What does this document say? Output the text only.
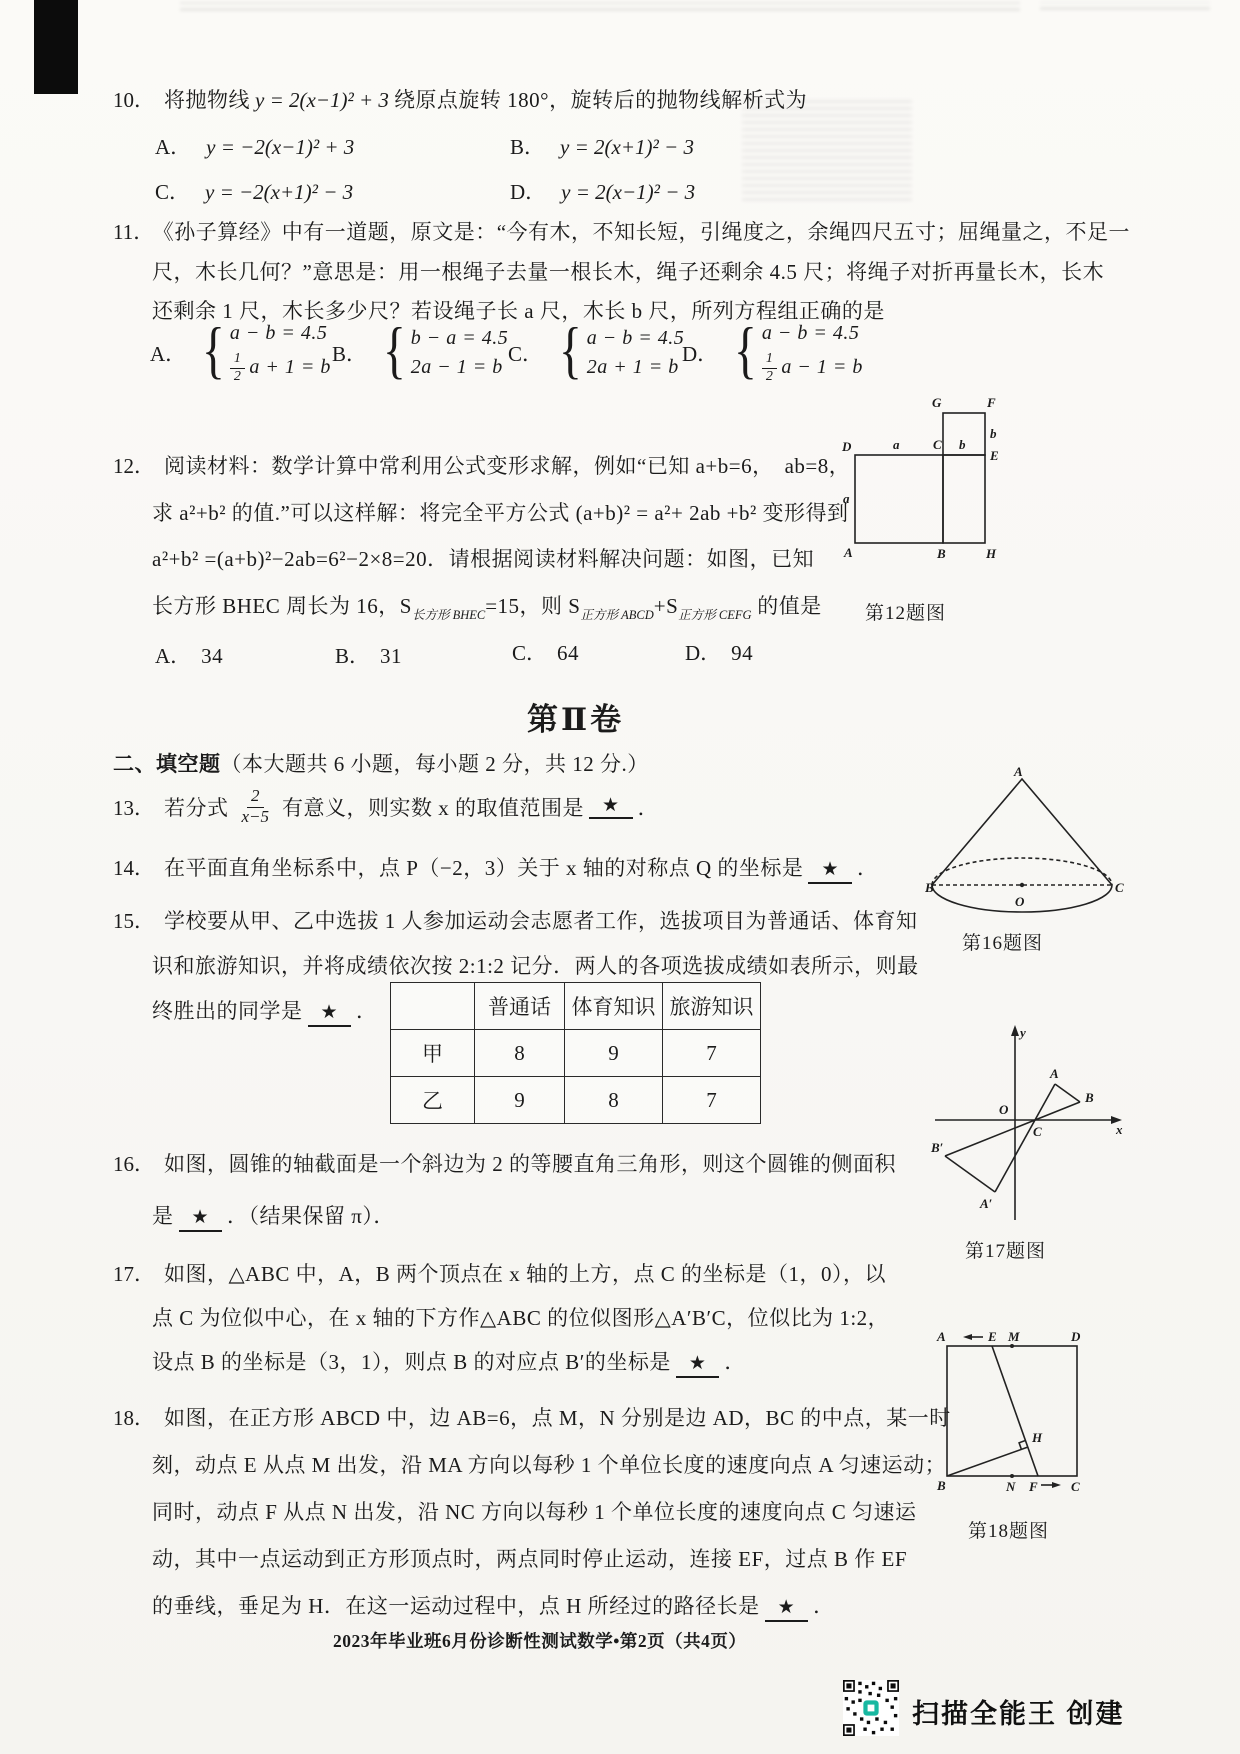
10． 将抛物线 y = 2(x−1)² + 3 绕原点旋转 180°，旋转后的抛物线解析式为
A． y = −2(x−1)² + 3	B． y = 2(x+1)² − 3
C． y = −2(x+1)² − 3	D． y = 2(x−1)² − 3
11． 《孙子算经》中有一道题，原文是：“今有木，不知长短，引绳度之，余绳四尺五寸；屈绳量之，不足一
尺，木长几何？”意思是：用一根绳子去量一根长木，绳子还剩余 4.5 尺；将绳子对折再量长木，长木
还剩余 1 尺，木长多少尺？若设绳子长 a 尺，木长 b 尺，所列方程组正确的是
A． { a − b = 4.5
1
2 a + 1 = b
B． { b − a = 4.5
2a − 1 = b
C． { a − b = 4.5
2a + 1 = b
D． { a − b = 4.5
1
2 a − 1 = b
12． 阅读材料：数学计算中常利用公式变形求解，例如“已知 a+b=6，　ab=8，
求 a²+b² 的值.”可以这样解：将完全平方公式 (a+b)² = a²+ 2ab +b² 变形得到
a²+b² =(a+b)²−2ab=6²−2×8=20．请根据阅读材料解决问题：如图，已知
长方形 BHEC 周长为 16，$S_{长方形 BHEC}=15$，则 $S_{正方形 ABCD}+S_{正方形 CEFG}$ 的值是
A． 34	B． 31	C． 64	D． 94
D	a	C b
G	F
b
E
a
A	B	H
第12题图
第Ⅱ卷
二、填空题（本大题共 6 小题，每小题 2 分，共 12 分.）
13． 若分式
2
x−5 有意义，则实数 x 的取值范围是 ★ ．
14． 在平面直角坐标系中，点 P（−2，3）关于 x 轴的对称点 Q 的坐标是 ★ ．
15． 学校要从甲、乙中选拔 1 人参加运动会志愿者工作，选拔项目为普通话、体育知
识和旅游知识，并将成绩依次按 2:1:2 记分．两人的各项选拔成绩如表所示，则最
终胜出的同学是 ★ ．
		普通话	体育知识	旅游知识
甲	8	9	7
乙	9	8	7
A
B	C
O
第16题图
16． 如图，圆锥的轴截面是一个斜边为 2 的等腰直角三角形，则这个圆锥的侧面积
是 ★ ．（结果保留 π）．
y
x
O
A
B
C
B′
A′
第17题图
17． 如图，△ABC 中，A，B 两个顶点在 x 轴的上方，点 C 的坐标是（1，0），以
点 C 为位似中心，在 x 轴的下方作△ABC 的位似图形△A′B′C，位似比为 1:2，
设点 B 的坐标是（3，1），则点 B 的对应点 B′的坐标是 ★ ．
18． 如图，在正方形 ABCD 中，边 AB=6，点 M，N 分别是边 AD，BC 的中点，某一时
刻，动点 E 从点 M 出发，沿 MA 方向以每秒 1 个单位长度的速度向点 A 匀速运动；
同时，动点 F 从点 N 出发，沿 NC 方向以每秒 1 个单位长度的速度向点 C 匀速运
动，其中一点运动到正方形顶点时，两点同时停止运动，连接 EF，过点 B 作 EF
的垂线，垂足为 H．在这一运动过程中，点 H 所经过的路径长是 ★ ．
A	E M	D
B	N F	C
H
第18题图
2023年毕业班6月份诊断性测试数学•第2页（共4页）
扫描全能王 创建
